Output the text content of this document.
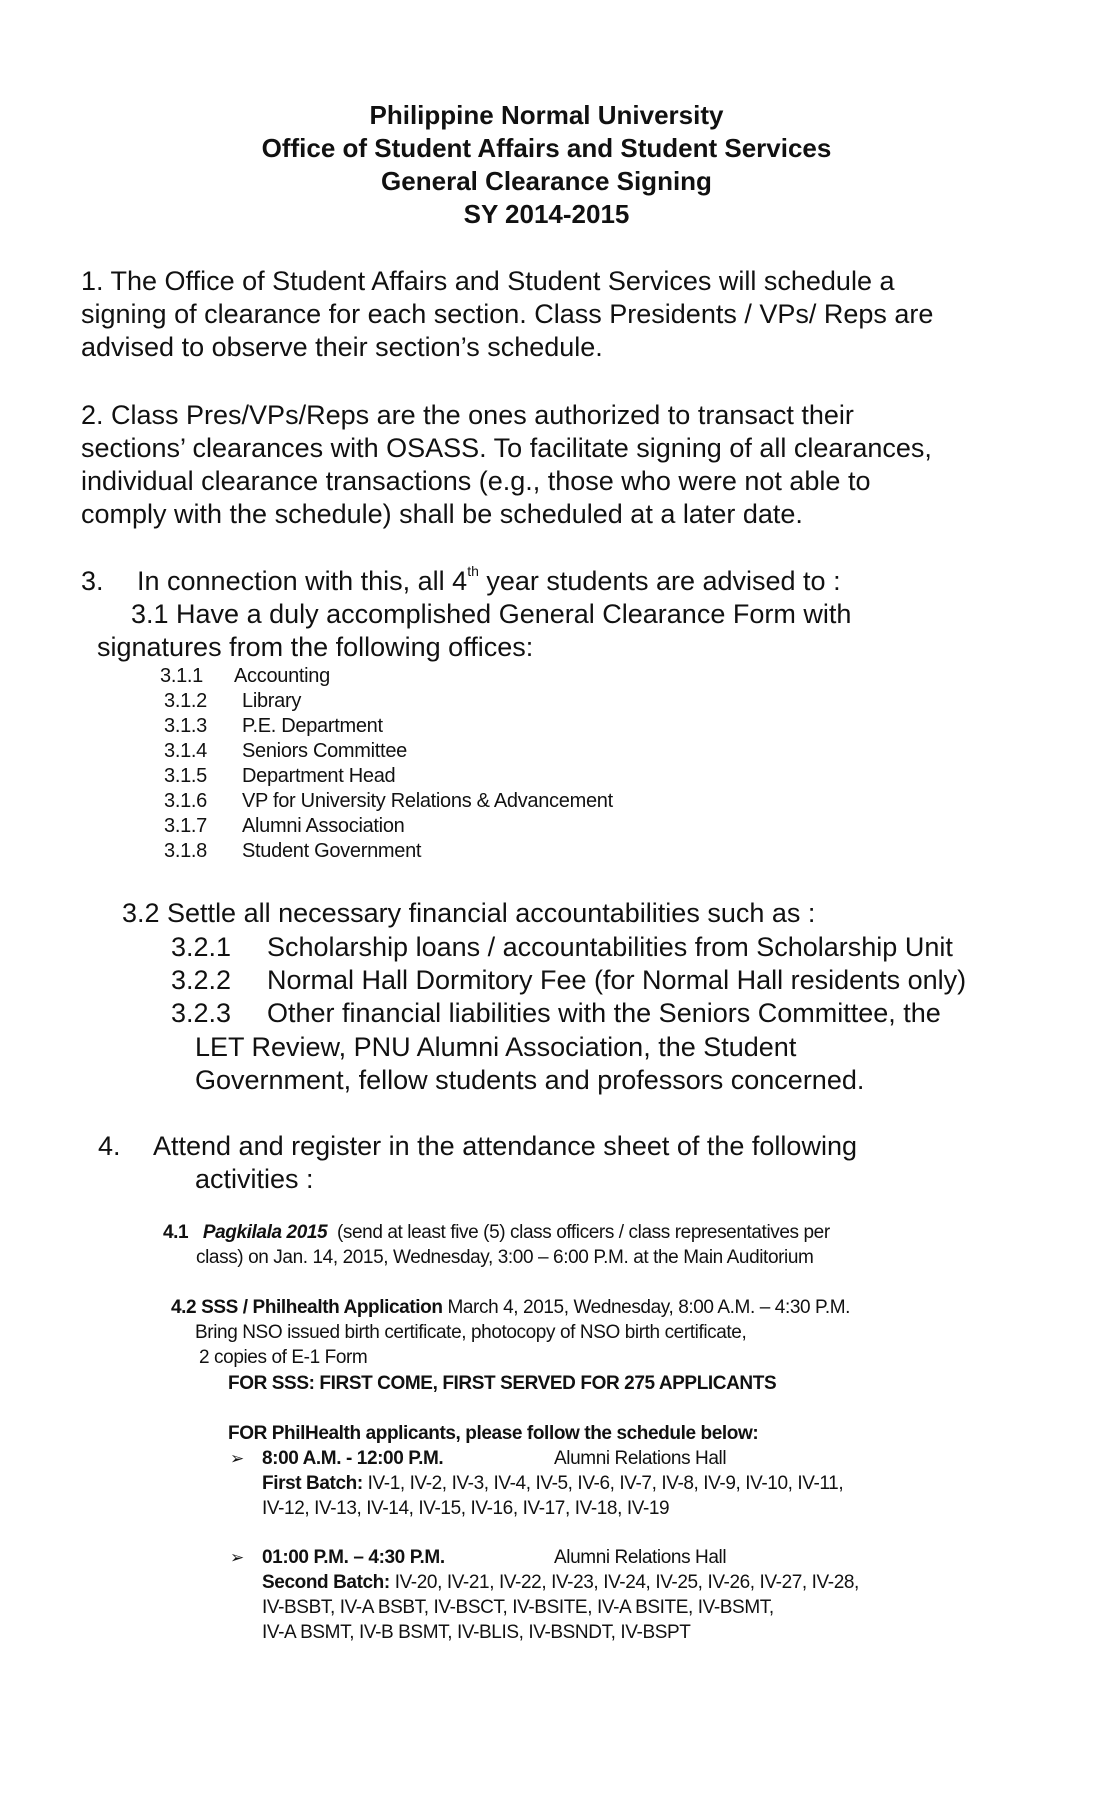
Philippine Normal University
Office of Student Affairs and Student Services
General Clearance Signing
SY 2014-2015
1. The Office of Student Affairs and Student Services will schedule a
signing of clearance for each section. Class Presidents / VPs/ Reps are
advised to observe their section’s schedule.
2. Class Pres/VPs/Reps are the ones authorized to transact their
sections’ clearances with OSASS. To facilitate signing of all clearances,
individual clearance transactions (e.g., those who were not able to
comply with the schedule) shall be scheduled at a later date.
3. In connection with this, all 4th year students are advised to :
3.1 Have a duly accomplished General Clearance Form with
signatures from the following offices:
3.1.1 Accounting
3.1.2 Library
3.1.3 P.E. Department
3.1.4 Seniors Committee
3.1.5 Department Head
3.1.6 VP for University Relations & Advancement
3.1.7 Alumni Association
3.1.8 Student Government
3.2 Settle all necessary financial accountabilities such as :
3.2.1 Scholarship loans / accountabilities from Scholarship Unit
3.2.2 Normal Hall Dormitory Fee (for Normal Hall residents only)
3.2.3 Other financial liabilities with the Seniors Committee, the
LET Review, PNU Alumni Association, the Student
Government, fellow students and professors concerned.
4. Attend and register in the attendance sheet of the following
activities :
4.1 Pagkilala 2015 (send at least five (5) class officers / class representatives per
class) on Jan. 14, 2015, Wednesday, 3:00 – 6:00 P.M. at the Main Auditorium
4.2 SSS / Philhealth Application March 4, 2015, Wednesday, 8:00 A.M. – 4:30 P.M.
Bring NSO issued birth certificate, photocopy of NSO birth certificate,
2 copies of E-1 Form
FOR SSS: FIRST COME, FIRST SERVED FOR 275 APPLICANTS
FOR PhilHealth applicants, please follow the schedule below:
➢ 8:00 A.M. - 12:00 P.M.	Alumni Relations Hall
First Batch: IV-1, IV-2, IV-3, IV-4, IV-5, IV-6, IV-7, IV-8, IV-9, IV-10, IV-11,
IV-12, IV-13, IV-14, IV-15, IV-16, IV-17, IV-18, IV-19
➢ 01:00 P.M. – 4:30 P.M.	Alumni Relations Hall
Second Batch: IV-20, IV-21, IV-22, IV-23, IV-24, IV-25, IV-26, IV-27, IV-28,
IV-BSBT, IV-A BSBT, IV-BSCT, IV-BSITE, IV-A BSITE, IV-BSMT,
IV-A BSMT, IV-B BSMT, IV-BLIS, IV-BSNDT, IV-BSPT
